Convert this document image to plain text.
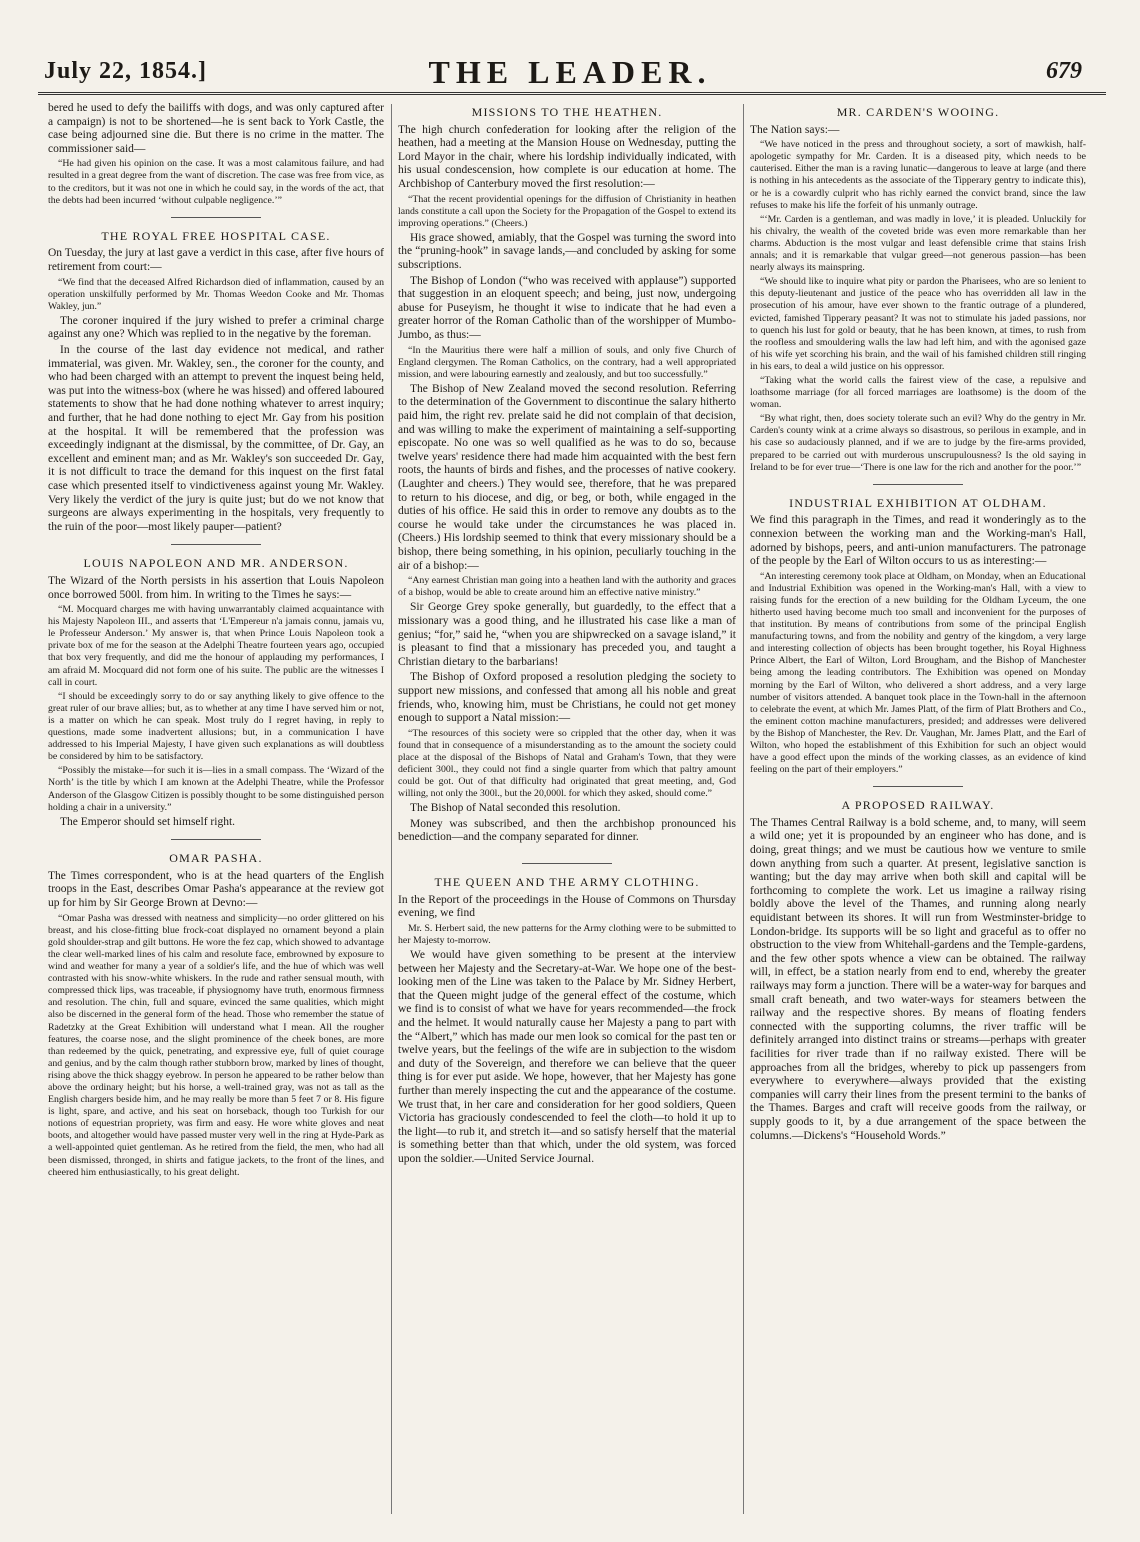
July 22, 1854.]	THE LEADER.	679

bered he used to defy the bailiffs with dogs, and was only captured after a campaign) is not to be shortened—he is sent back to York Castle, the case being adjourned sine die. But there is no crime in the matter. The commissioner said—

“He had given his opinion on the case. It was a most calamitous failure, and had resulted in a great degree from the want of discretion. The case was free from vice, as to the creditors, but it was not one in which he could say, in the words of the act, that the debts had been incurred ‘without culpable negligence.’”

THE ROYAL FREE HOSPITAL CASE.

On Tuesday, the jury at last gave a verdict in this case, after five hours of retirement from court:—

“We find that the deceased Alfred Richardson died of inflammation, caused by an operation unskilfully performed by Mr. Thomas Weedon Cooke and Mr. Thomas Wakley, jun.”

The coroner inquired if the jury wished to prefer a criminal charge against any one? Which was replied to in the negative by the foreman.

In the course of the last day evidence not medical, and rather immaterial, was given. Mr. Wakley, sen., the coroner for the county, and who had been charged with an attempt to prevent the inquest being held, was put into the witness-box (where he was hissed) and offered laboured statements to show that he had done nothing whatever to arrest inquiry; and further, that he had done nothing to eject Mr. Gay from his position at the hospital. It will be remembered that the profession was exceedingly indignant at the dismissal, by the committee, of Dr. Gay, an excellent and eminent man; and as Mr. Wakley's son succeeded Dr. Gay, it is not difficult to trace the demand for this inquest on the first fatal case which presented itself to vindictiveness against young Mr. Wakley. Very likely the verdict of the jury is quite just; but do we not know that surgeons are always experimenting in the hospitals, very frequently to the ruin of the poor—most likely pauper—patient?

LOUIS NAPOLEON AND MR. ANDERSON.

The Wizard of the North persists in his assertion that Louis Napoleon once borrowed 500l. from him. In writing to the Times he says:—

“M. Mocquard charges me with having unwarrantably claimed acquaintance with his Majesty Napoleon III., and asserts that ‘L'Empereur n'a jamais connu, jamais vu, le Professeur Anderson.’ My answer is, that when Prince Louis Napoleon took a private box of me for the season at the Adelphi Theatre fourteen years ago, occupied that box very frequently, and did me the honour of applauding my performances, I am afraid M. Mocquard did not form one of his suite. The public are the witnesses I call in court.

“I should be exceedingly sorry to do or say anything likely to give offence to the great ruler of our brave allies; but, as to whether at any time I have served him or not, is a matter on which he can speak. Most truly do I regret having, in reply to questions, made some inadvertent allusions; but, in a communication I have addressed to his Imperial Majesty, I have given such explanations as will doubtless be considered by him to be satisfactory.

“Possibly the mistake—for such it is—lies in a small compass. The ‘Wizard of the North’ is the title by which I am known at the Adelphi Theatre, while the Professor Anderson of the Glasgow Citizen is possibly thought to be some distinguished person holding a chair in a university.”

The Emperor should set himself right.

OMAR PASHA.

The Times correspondent, who is at the head quarters of the English troops in the East, describes Omar Pasha's appearance at the review got up for him by Sir George Brown at Devno:—

“Omar Pasha was dressed with neatness and simplicity—no order glittered on his breast, and his close-fitting blue frock-coat displayed no ornament beyond a plain gold shoulder-strap and gilt buttons. He wore the fez cap, which showed to advantage the clear well-marked lines of his calm and resolute face, embrowned by exposure to wind and weather for many a year of a soldier's life, and the hue of which was well contrasted with his snow-white whiskers. In the rude and rather sensual mouth, with compressed thick lips, was traceable, if physiognomy have truth, enormous firmness and resolution. The chin, full and square, evinced the same qualities, which might also be discerned in the general form of the head. Those who remember the statue of Radetzky at the Great Exhibition will understand what I mean. All the rougher features, the coarse nose, and the slight prominence of the cheek bones, are more than redeemed by the quick, penetrating, and expressive eye, full of quiet courage and genius, and by the calm though rather stubborn brow, marked by lines of thought, rising above the thick shaggy eyebrow. In person he appeared to be rather below than above the ordinary height; but his horse, a well-trained gray, was not as tall as the English chargers beside him, and he may really be more than 5 feet 7 or 8. His figure is light, spare, and active, and his seat on horseback, though too Turkish for our notions of equestrian propriety, was firm and easy. He wore white gloves and neat boots, and altogether would have passed muster very well in the ring at Hyde-Park as a well-appointed quiet gentleman. As he retired from the field, the men, who had all been dismissed, thronged, in shirts and fatigue jackets, to the front of the lines, and cheered him enthusiastically, to his great delight.

MISSIONS TO THE HEATHEN.

The high church confederation for looking after the religion of the heathen, had a meeting at the Mansion House on Wednesday, putting the Lord Mayor in the chair, where his lordship individually indicated, with his usual condescension, how complete is our education at home. The Archbishop of Canterbury moved the first resolution:—

“That the recent providential openings for the diffusion of Christianity in heathen lands constitute a call upon the Society for the Propagation of the Gospel to extend its improving operations.” (Cheers.)

His grace showed, amiably, that the Gospel was turning the sword into the “pruning-hook” in savage lands,—and concluded by asking for some subscriptions.

The Bishop of London (“who was received with applause”) supported that suggestion in an eloquent speech; and being, just now, undergoing abuse for Puseyism, he thought it wise to indicate that he had even a greater horror of the Roman Catholic than of the worshipper of Mumbo-Jumbo, as thus:—

“In the Mauritius there were half a million of souls, and only five Church of England clergymen. The Roman Catholics, on the contrary, had a well appropriated mission, and were labouring earnestly and zealously, and but too successfully.”

The Bishop of New Zealand moved the second resolution. Referring to the determination of the Government to discontinue the salary hitherto paid him, the right rev. prelate said he did not complain of that decision, and was willing to make the experiment of maintaining a self-supporting episcopate. No one was so well qualified as he was to do so, because twelve years' residence there had made him acquainted with the best fern roots, the haunts of birds and fishes, and the processes of native cookery. (Laughter and cheers.) They would see, therefore, that he was prepared to return to his diocese, and dig, or beg, or both, while engaged in the duties of his office. He said this in order to remove any doubts as to the course he would take under the circumstances he was placed in. (Cheers.) His lordship seemed to think that every missionary should be a bishop, there being something, in his opinion, peculiarly touching in the air of a bishop:—

“Any earnest Christian man going into a heathen land with the authority and graces of a bishop, would be able to create around him an effective native ministry.”

Sir George Grey spoke generally, but guardedly, to the effect that a missionary was a good thing, and he illustrated his case like a man of genius; “for,” said he, “when you are shipwrecked on a savage island,” it is pleasant to find that a missionary has preceded you, and taught a Christian dietary to the barbarians!

The Bishop of Oxford proposed a resolution pledging the society to support new missions, and confessed that among all his noble and great friends, who, knowing him, must be Christians, he could not get money enough to support a Natal mission:—

“The resources of this society were so crippled that the other day, when it was found that in consequence of a misunderstanding as to the amount the society could place at the disposal of the Bishops of Natal and Graham's Town, that they were deficient 300l., they could not find a single quarter from which that paltry amount could be got. Out of that difficulty had originated that great meeting, and, God willing, not only the 300l., but the 20,000l. for which they asked, should come.”

The Bishop of Natal seconded this resolution.

Money was subscribed, and then the archbishop pronounced his benediction—and the company separated for dinner.

THE QUEEN AND THE ARMY CLOTHING.

In the Report of the proceedings in the House of Commons on Thursday evening, we find

Mr. S. Herbert said, the new patterns for the Army clothing were to be submitted to her Majesty to-morrow.

We would have given something to be present at the interview between her Majesty and the Secretary-at-War. We hope one of the best-looking men of the Line was taken to the Palace by Mr. Sidney Herbert, that the Queen might judge of the general effect of the costume, which we find is to consist of what we have for years recommended—the frock and the helmet. It would naturally cause her Majesty a pang to part with the “Albert,” which has made our men look so comical for the past ten or twelve years, but the feelings of the wife are in subjection to the wisdom and duty of the Sovereign, and therefore we can believe that the queer thing is for ever put aside. We hope, however, that her Majesty has gone further than merely inspecting the cut and the appearance of the costume. We trust that, in her care and consideration for her good soldiers, Queen Victoria has graciously condescended to feel the cloth—to hold it up to the light—to rub it, and stretch it—and so satisfy herself that the material is something better than that which, under the old system, was forced upon the soldier.—United Service Journal.

MR. CARDEN'S WOOING.

The Nation says:—

“We have noticed in the press and throughout society, a sort of mawkish, half-apologetic sympathy for Mr. Carden. It is a diseased pity, which needs to be cauterised. Either the man is a raving lunatic—dangerous to leave at large (and there is nothing in his antecedents as the associate of the Tipperary gentry to indicate this), or he is a cowardly culprit who has richly earned the convict brand, since the law refuses to make his life the forfeit of his unmanly outrage.

“‘Mr. Carden is a gentleman, and was madly in love,’ it is pleaded. Unluckily for his chivalry, the wealth of the coveted bride was even more remarkable than her charms. Abduction is the most vulgar and least defensible crime that stains Irish annals; and it is remarkable that vulgar greed—not generous passion—has been nearly always its mainspring.

“We should like to inquire what pity or pardon the Pharisees, who are so lenient to this deputy-lieutenant and justice of the peace who has overridden all law in the prosecution of his amour, have ever shown to the frantic outrage of a plundered, evicted, famished Tipperary peasant? It was not to stimulate his jaded passions, nor to quench his lust for gold or beauty, that he has been known, at times, to rush from the roofless and smouldering walls the law had left him, and with the agonised gaze of his wife yet scorching his brain, and the wail of his famished children still ringing in his ears, to deal a wild justice on his oppressor.

“Taking what the world calls the fairest view of the case, a repulsive and loathsome marriage (for all forced marriages are loathsome) is the doom of the woman.

“By what right, then, does society tolerate such an evil? Why do the gentry in Mr. Carden's county wink at a crime always so disastrous, so perilous in example, and in his case so audaciously planned, and if we are to judge by the fire-arms provided, prepared to be carried out with murderous unscrupulousness? Is the old saying in Ireland to be for ever true—‘There is one law for the rich and another for the poor.’”

INDUSTRIAL EXHIBITION AT OLDHAM.

We find this paragraph in the Times, and read it wonderingly as to the connexion between the working man and the Working-man's Hall, adorned by bishops, peers, and anti-union manufacturers. The patronage of the people by the Earl of Wilton occurs to us as interesting:—

“An interesting ceremony took place at Oldham, on Monday, when an Educational and Industrial Exhibition was opened in the Working-man's Hall, with a view to raising funds for the erection of a new building for the Oldham Lyceum, the one hitherto used having become much too small and inconvenient for the purposes of that institution. By means of contributions from some of the principal English manufacturing towns, and from the nobility and gentry of the kingdom, a very large and interesting collection of objects has been brought together, his Royal Highness Prince Albert, the Earl of Wilton, Lord Brougham, and the Bishop of Manchester being among the leading contributors. The Exhibition was opened on Monday morning by the Earl of Wilton, who delivered a short address, and a very large number of visitors attended. A banquet took place in the Town-hall in the afternoon to celebrate the event, at which Mr. James Platt, of the firm of Platt Brothers and Co., the eminent cotton machine manufacturers, presided; and addresses were delivered by the Bishop of Manchester, the Rev. Dr. Vaughan, Mr. James Platt, and the Earl of Wilton, who hoped the establishment of this Exhibition for such an object would have a good effect upon the minds of the working classes, as an evidence of kind feeling on the part of their employers.”

A PROPOSED RAILWAY.

The Thames Central Railway is a bold scheme, and, to many, will seem a wild one; yet it is propounded by an engineer who has done, and is doing, great things; and we must be cautious how we venture to smile down anything from such a quarter. At present, legislative sanction is wanting; but the day may arrive when both skill and capital will be forthcoming to complete the work. Let us imagine a railway rising boldly above the level of the Thames, and running along nearly equidistant between its shores. It will run from Westminster-bridge to London-bridge. Its supports will be so light and graceful as to offer no obstruction to the view from Whitehall-gardens and the Temple-gardens, and the few other spots whence a view can be obtained. The railway will, in effect, be a station nearly from end to end, whereby the greater railways may form a junction. There will be a water-way for barques and small craft beneath, and two water-ways for steamers between the railway and the respective shores. By means of floating fenders connected with the supporting columns, the river traffic will be definitely arranged into distinct trains or streams—perhaps with greater facilities for river trade than if no railway existed. There will be approaches from all the bridges, whereby to pick up passengers from everywhere to everywhere—always provided that the existing companies will carry their lines from the present termini to the banks of the Thames. Barges and craft will receive goods from the railway, or supply goods to it, by a due arrangement of the space between the columns.—Dickens's “Household Words.”
